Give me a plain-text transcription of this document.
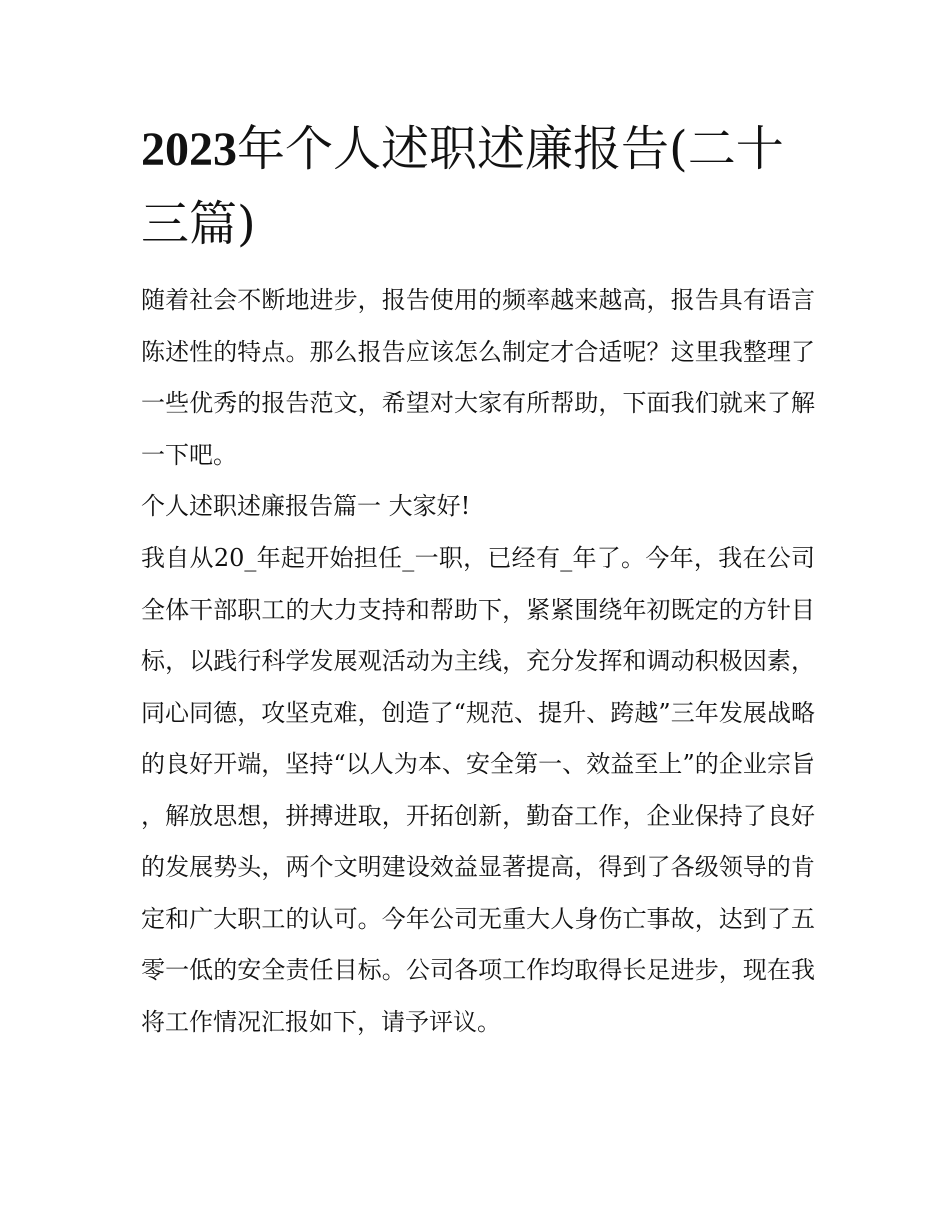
2023年个人述职述廉报告(二十三篇)

随着社会不断地进步，报告使用的频率越来越高，报告具有语言陈述性的特点。那么报告应该怎么制定才合适呢？这里我整理了一些优秀的报告范文，希望对大家有所帮助，下面我们就来了解一下吧。

个人述职述廉报告篇一 大家好!

我自从20_年起开始担任_一职，已经有_年了。今年，我在公司全体干部职工的大力支持和帮助下，紧紧围绕年初既定的方针目标，以践行科学发展观活动为主线，充分发挥和调动积极因素，同心同德，攻坚克难，创造了“规范、提升、跨越”三年发展战略的良好开端，坚持“以人为本、安全第一、效益至上”的企业宗旨，解放思想，拼搏进取，开拓创新，勤奋工作，企业保持了良好的发展势头，两个文明建设效益显著提高，得到了各级领导的肯定和广大职工的认可。今年公司无重大人身伤亡事故，达到了五零一低的安全责任目标。公司各项工作均取得长足进步，现在我将工作情况汇报如下，请予评议。
